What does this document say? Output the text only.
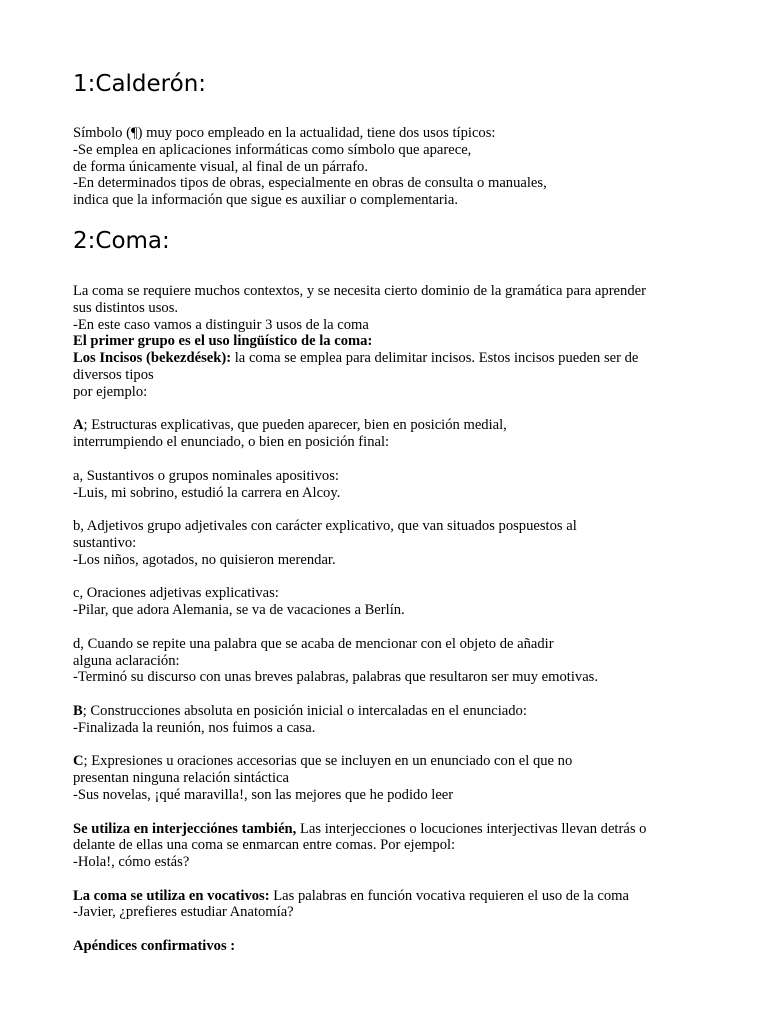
1:Calderón:
Símbolo (¶) muy poco empleado en la actualidad, tiene dos usos típicos:
-Se emplea en aplicaciones informáticas como símbolo que aparece,
de forma únicamente visual, al final de un párrafo.
-En determinados tipos de obras, especialmente en obras de consulta o manuales,
indica que la información que sigue es auxiliar o complementaria.
2:Coma:
La coma se requiere muchos contextos, y se necesita cierto dominio de la gramática para aprender
sus distintos usos.
-En este caso vamos a distinguir 3 usos de la coma
El primer grupo es el uso lingüístico de la coma:
Los Incisos (bekezdések): la coma se emplea para delimitar incisos. Estos incisos pueden ser de
diversos tipos
por ejemplo:
A; Estructuras explicativas, que pueden aparecer, bien en posición medial,
interrumpiendo el enunciado, o bien en posición final:
a, Sustantivos o grupos nominales apositivos:
-Luis, mi sobrino, estudió la carrera en Alcoy.
b, Adjetivos grupo adjetivales con carácter explicativo, que van situados pospuestos al
sustantivo:
-Los niños, agotados, no quisieron merendar.
c, Oraciones adjetivas explicativas:
-Pilar, que adora Alemania, se va de vacaciones a Berlín.
d, Cuando se repite una palabra que se acaba de mencionar con el objeto de añadir
alguna aclaración:
-Terminó su discurso con unas breves palabras, palabras que resultaron ser muy emotivas.
B; Construcciones absoluta en posición inicial o intercaladas en el enunciado:
-Finalizada la reunión, nos fuimos a casa.
C; Expresiones u oraciones accesorias que se incluyen en un enunciado con el que no
presentan ninguna relación sintáctica
-Sus novelas, ¡qué maravilla!, son las mejores que he podido leer
Se utiliza en interjecciónes también, Las interjecciones o locuciones interjectivas llevan detrás o
delante de ellas una coma se enmarcan entre comas. Por ejempol:
-Hola!, cómo estás?
La coma se utiliza en vocativos: Las palabras en función vocativa requieren el uso de la coma
-Javier, ¿prefieres estudiar Anatomía?
Apéndices confirmativos :
